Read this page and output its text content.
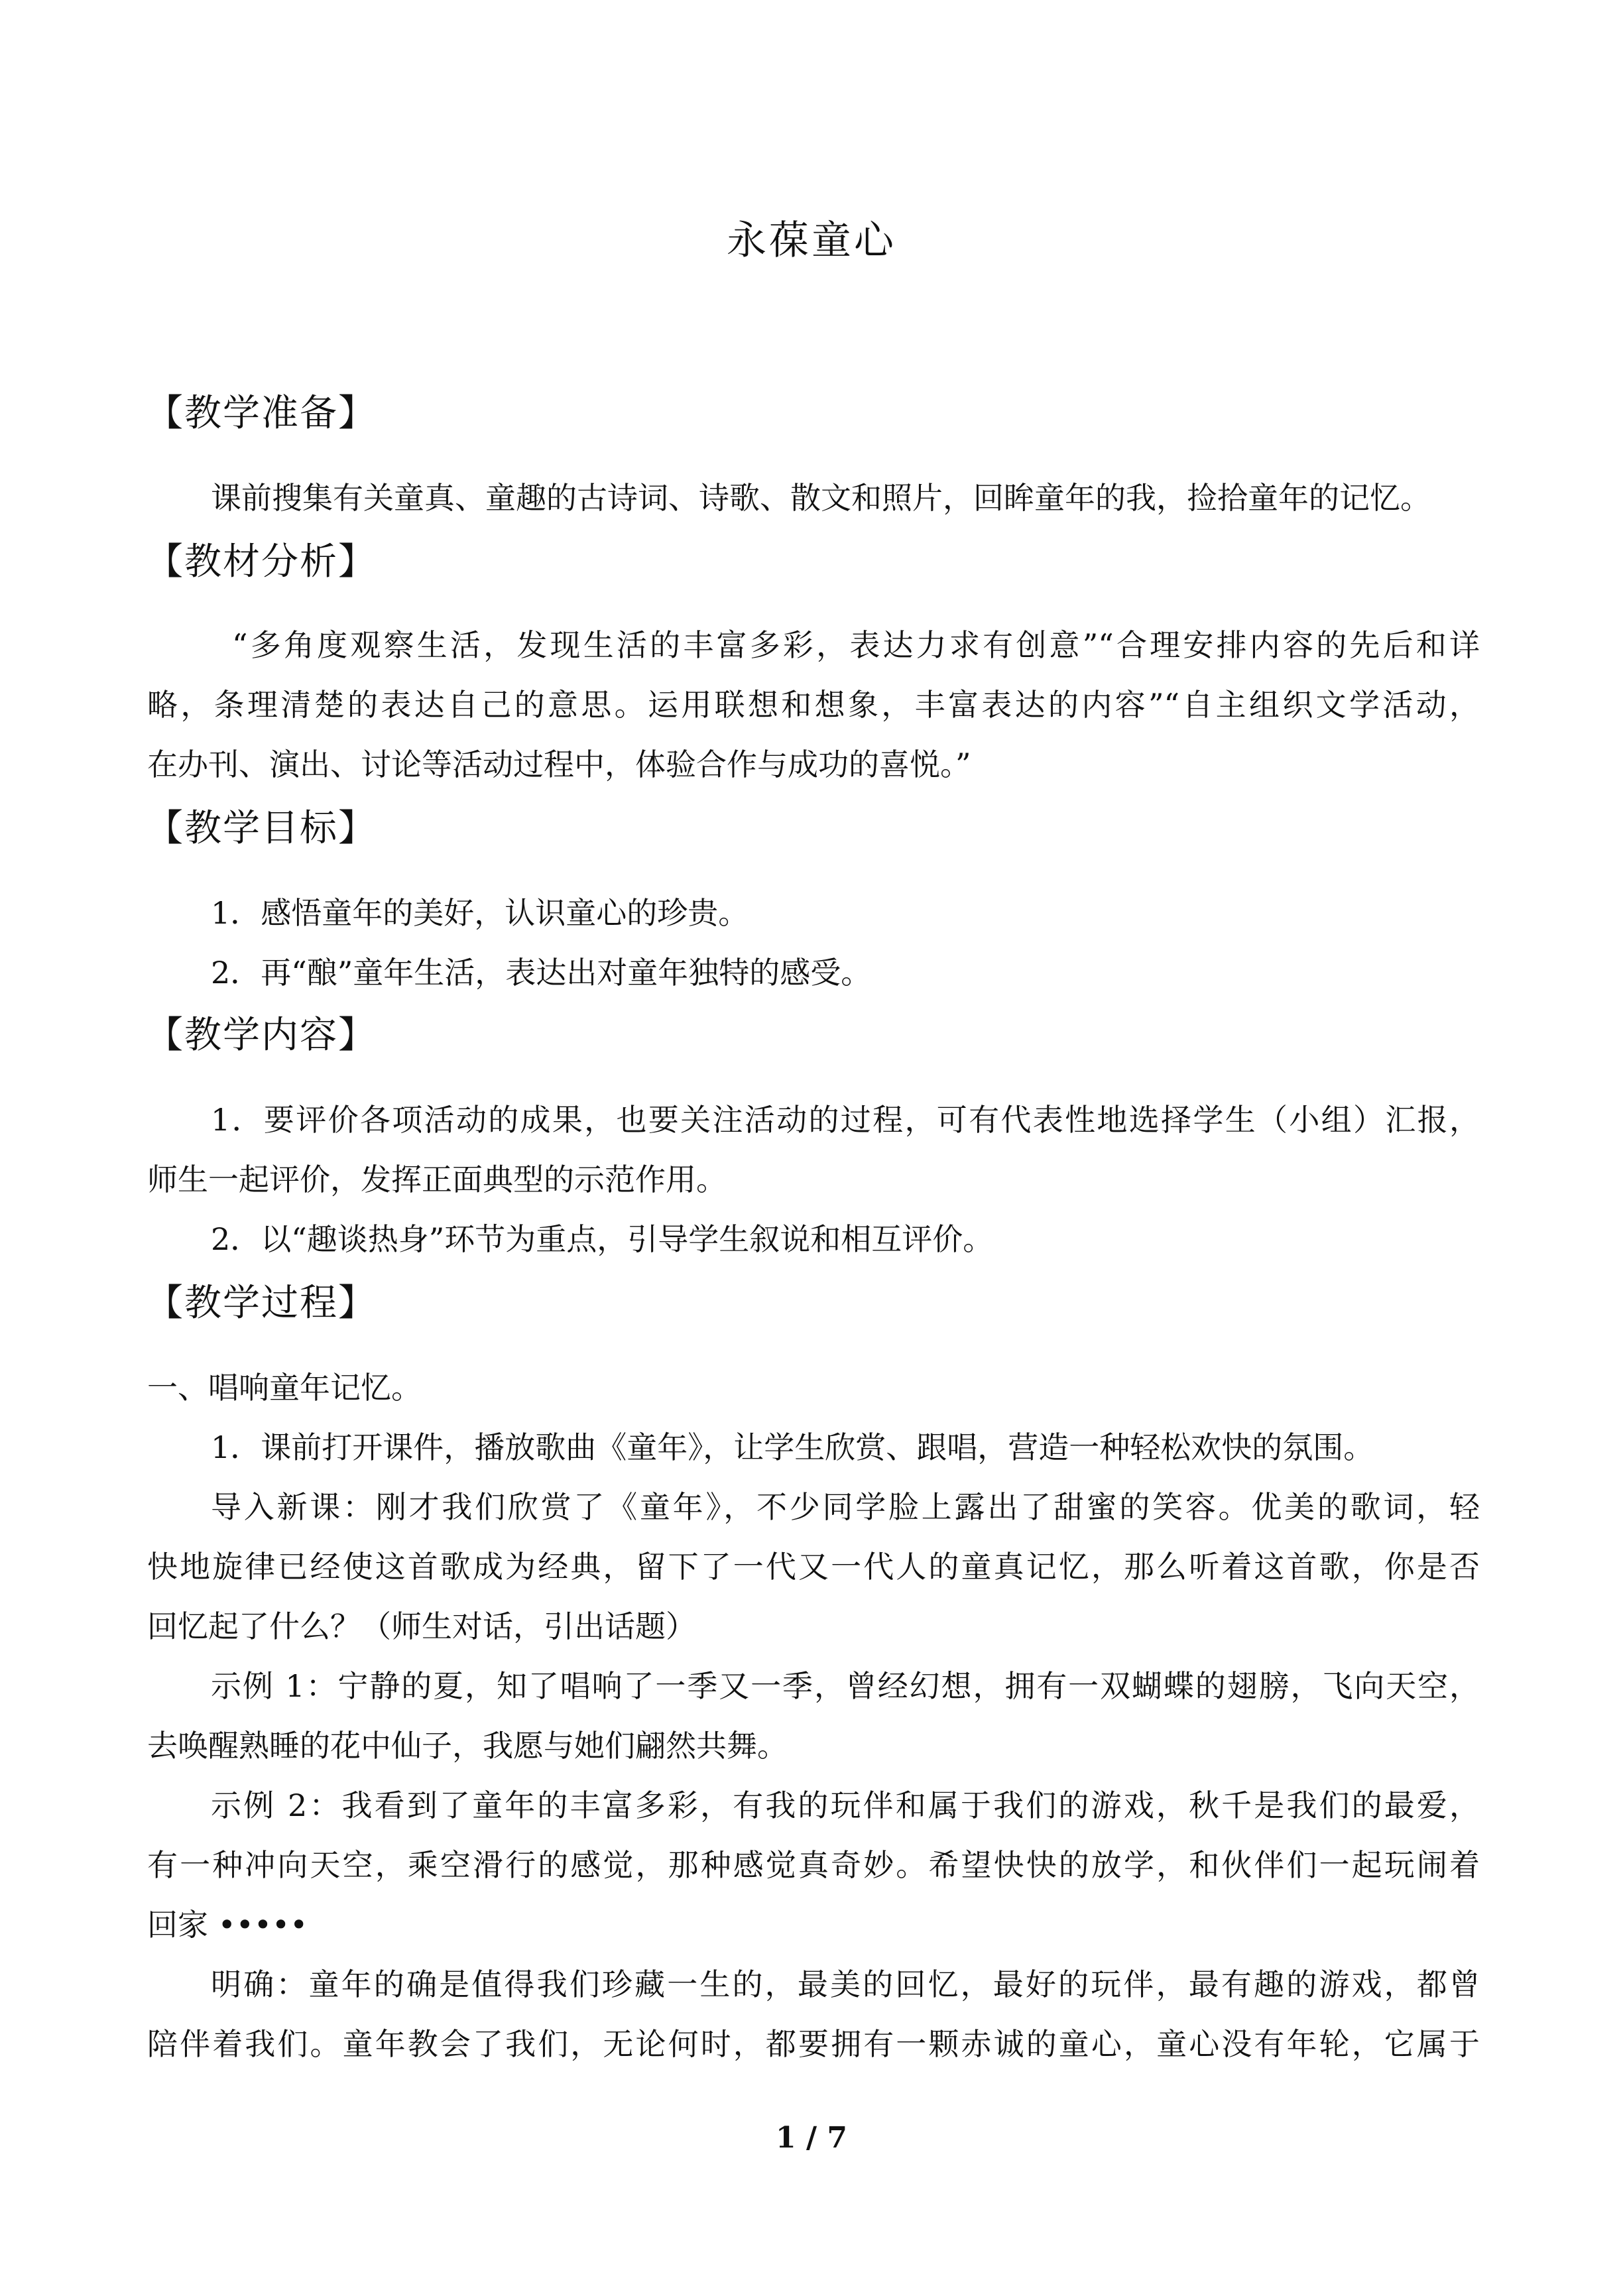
永葆童心
【教学准备】
课前搜集有关童真、童趣的古诗词、诗歌、散文和照片，回眸童年的我，捡拾童年的记忆。
【教材分析】
“多角度观察生活，发现生活的丰富多彩，表达力求有创意”“合理安排内容的先后和详
略，条理清楚的表达自己的意思。运用联想和想象，丰富表达的内容”“自主组织文学活动，
在办刊、演出、讨论等活动过程中，体验合作与成功的喜悦。”
【教学目标】
1．感悟童年的美好，认识童心的珍贵。
2．再“酿”童年生活，表达出对童年独特的感受。
【教学内容】
1．要评价各项活动的成果，也要关注活动的过程，可有代表性地选择学生（小组）汇报，
师生一起评价，发挥正面典型的示范作用。
2．以“趣谈热身”环节为重点，引导学生叙说和相互评价。
【教学过程】
一、唱响童年记忆。
1．课前打开课件，播放歌曲《童年》，让学生欣赏、跟唱，营造一种轻松欢快的氛围。
导入新课：刚才我们欣赏了《童年》，不少同学脸上露出了甜蜜的笑容。优美的歌词，轻
快地旋律已经使这首歌成为经典，留下了一代又一代人的童真记忆，那么听着这首歌，你是否
回忆起了什么？（师生对话，引出话题）
示例 1：宁静的夏，知了唱响了一季又一季，曾经幻想，拥有一双蝴蝶的翅膀，飞向天空，
去唤醒熟睡的花中仙子，我愿与她们翩然共舞。
示例 2：我看到了童年的丰富多彩，有我的玩伴和属于我们的游戏，秋千是我们的最爱，
有一种冲向天空，乘空滑行的感觉，那种感觉真奇妙。希望快快的放学，和伙伴们一起玩闹着
回家 •••••
明确：童年的确是值得我们珍藏一生的，最美的回忆，最好的玩伴，最有趣的游戏，都曾
陪伴着我们。童年教会了我们，无论何时，都要拥有一颗赤诚的童心，童心没有年轮，它属于
1 / 7
